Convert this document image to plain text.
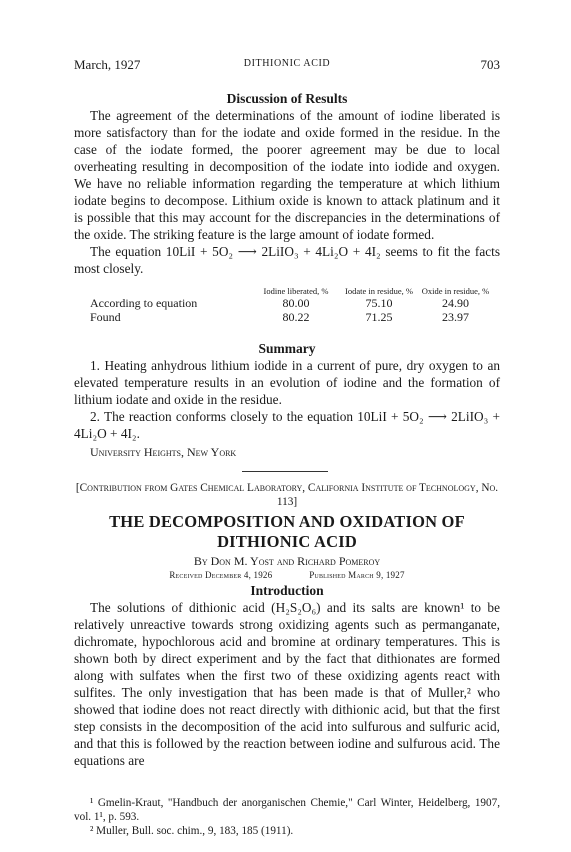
March, 1927	DITHIONIC ACID	703
Discussion of Results

The agreement of the determinations of the amount of iodine liberated is more satisfactory than for the iodate and oxide formed in the residue. In the case of the iodate formed, the poorer agreement may be due to local overheating resulting in decomposition of the iodate into iodide and oxygen. We have no reliable information regarding the temperature at which lithium iodate begins to decompose. Lithium oxide is known to attack platinum and it is possible that this may account for the discrepancies in the determinations of the oxide. The striking feature is the large amount of iodate formed.

The equation 10LiI + 5O₂ ⟶ 2LiIO₃ + 4Li₂O + 4I₂ seems to fit the facts most closely.

	Iodine liberated, %	Iodate in residue, %	Oxide in residue, %
According to equation	80.00	75.10	24.90
Found	80.22	71.25	23.97
Summary

1. Heating anhydrous lithium iodide in a current of pure, dry oxygen to an elevated temperature results in an evolution of iodine and the formation of lithium iodate and oxide in the residue.

2. The reaction conforms closely to the equation 10LiI + 5O₂ ⟶ 2LiIO₃ + 4Li₂O + 4I₂.

University Heights, New York

[Contribution from Gates Chemical Laboratory, California Institute of Technology, No. 113]
THE DECOMPOSITION AND OXIDATION OF DITHIONIC ACID
By Don M. Yost and Richard Pomeroy
Received December 4, 1926	Published March 9, 1927
Introduction

The solutions of dithionic acid (H₂S₂O₆) and its salts are known¹ to be relatively unreactive towards strong oxidizing agents such as permanganate, dichromate, hypochlorous acid and bromine at ordinary temperatures. This is shown both by direct experiment and by the fact that dithionates are formed along with sulfates when the first two of these oxidizing agents react with sulfites. The only investigation that has been made is that of Muller,² who showed that iodine does not react directly with dithionic acid, but that the first step consists in the decomposition of the acid into sulfurous and sulfuric acid, and that this is followed by the reaction between iodine and sulfurous acid. The equations are

¹ Gmelin-Kraut, "Handbuch der anorganischen Chemie," Carl Winter, Heidelberg, 1907, vol. 1¹, p. 593.

² Muller, Bull. soc. chim., 9, 183, 185 (1911).
